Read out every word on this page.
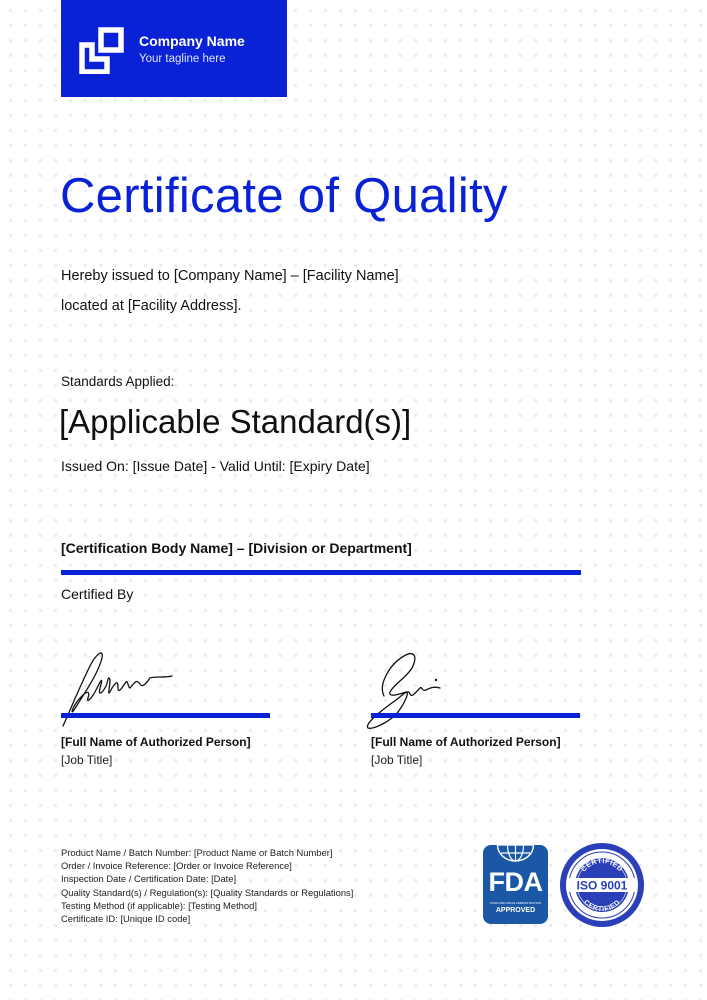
Company Name
Your tagline here
Certificate of Quality
Hereby issued to [Company Name] – [Facility Name]
located at [Facility Address].
Standards Applied:
[Applicable Standard(s)]
Issued On: [Issue Date] - Valid Until: [Expiry Date]
[Certification Body Name] – [Division or Department]
Certified By
[Full Name of Authorized Person]
[Job Title]
[Full Name of Authorized Person]
[Job Title]
Product Name / Batch Number: [Product Name or Batch Number]
Order / Invoice Reference: [Order or Invoice Reference]
Inspection Date / Certification Date: [Date]
Quality Standard(s) / Regulation(s): [Quality Standards or Regulations]
Testing Method (if applicable): [Testing Method]
Certificate ID: [Unique ID code]
FDA
FOOD AND DRUG ADMINISTRATION
APPROVED
CERTIFIED
ISO 9001
CERTIFIED
